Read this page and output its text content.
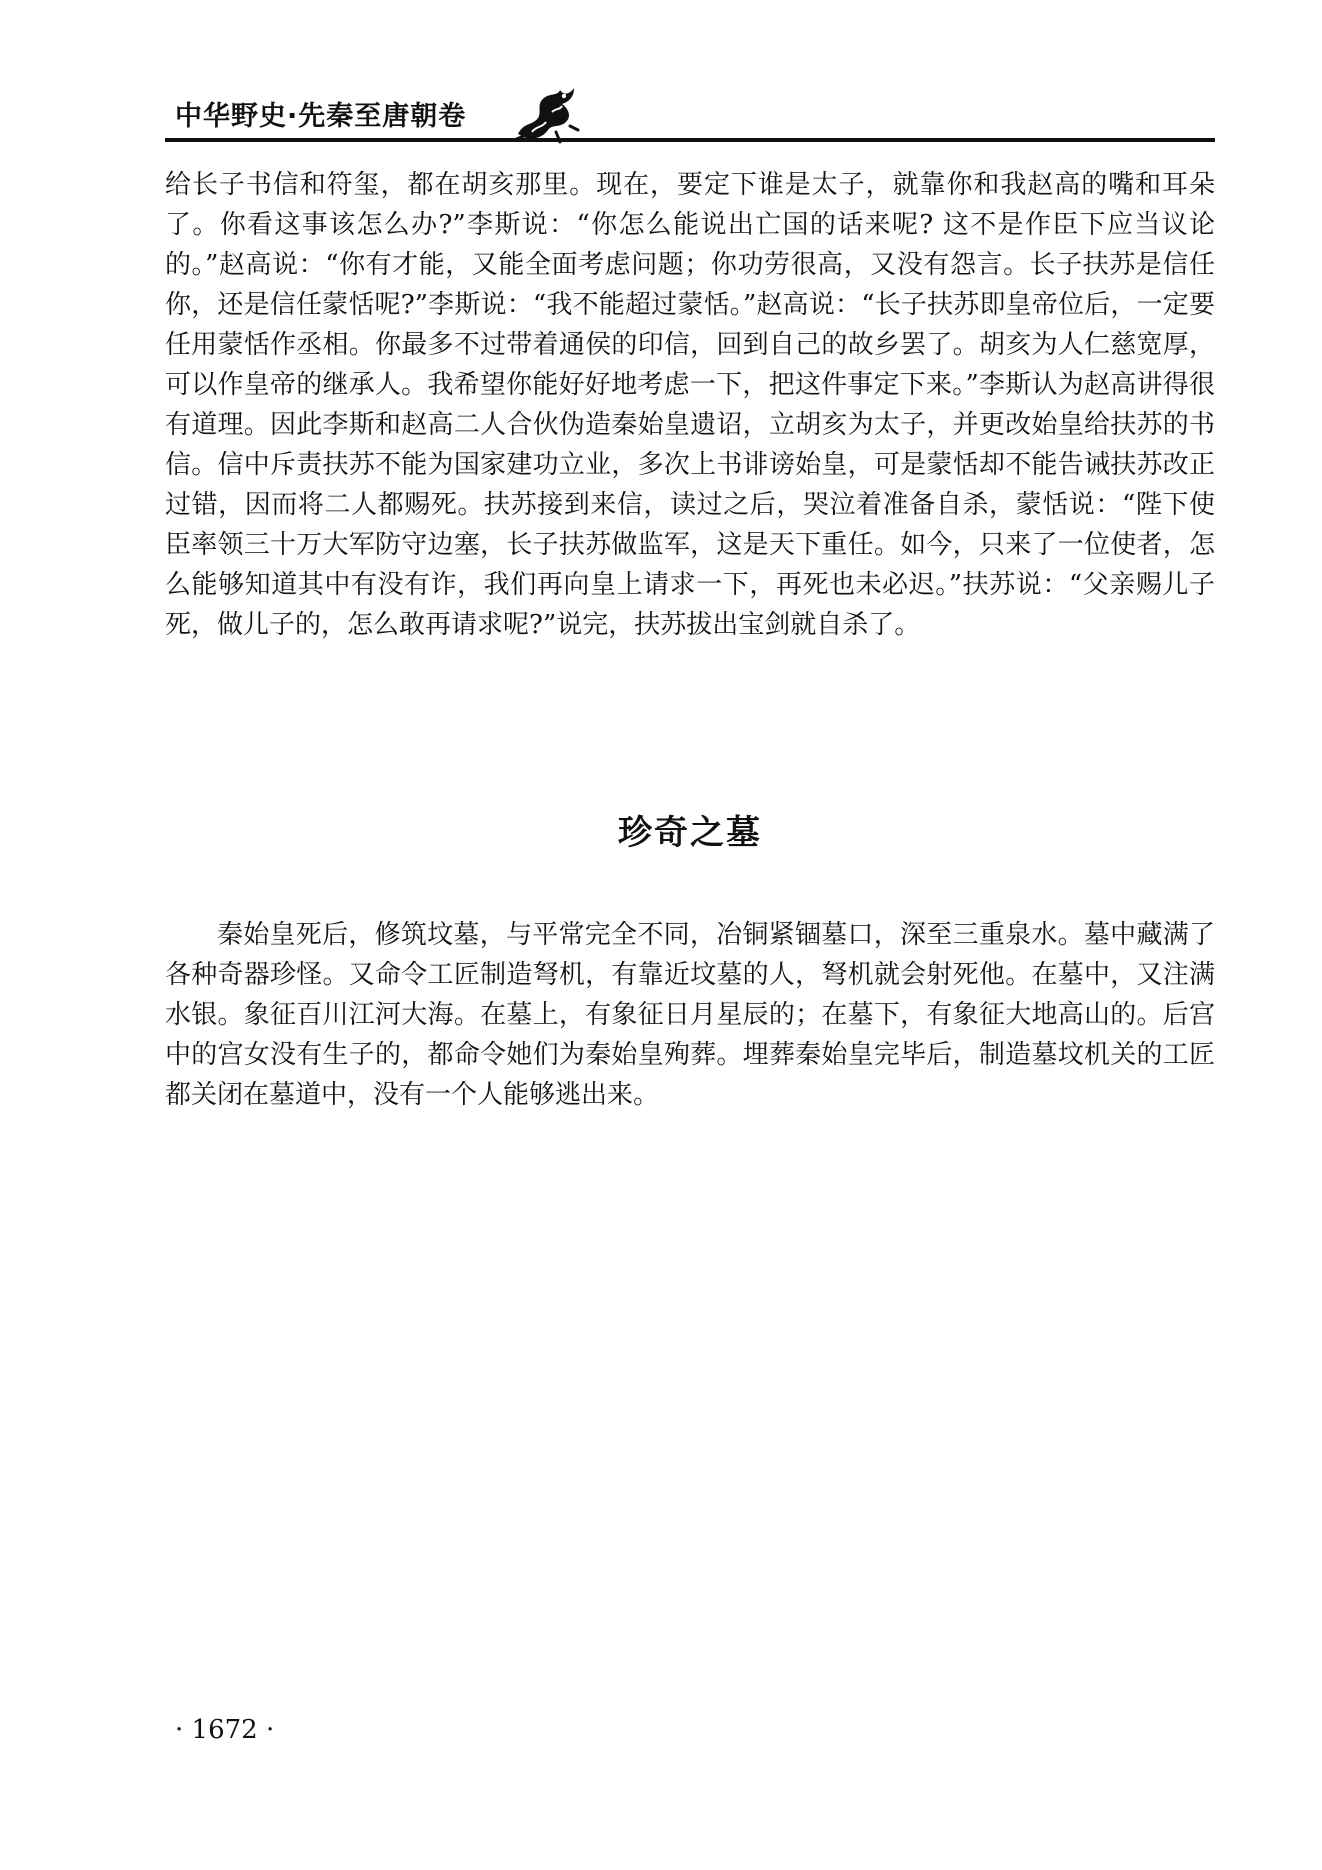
中华野史·先秦至唐朝卷

给长子书信和符玺，都在胡亥那里。现在，要定下谁是太子，就靠你和我赵高的嘴和耳朵了。你看这事该怎么办?”李斯说：“你怎么能说出亡国的话来呢? 这不是作臣下应当议论的。”赵高说：“你有才能，又能全面考虑问题；你功劳很高，又没有怨言。长子扶苏是信任你，还是信任蒙恬呢?”李斯说：“我不能超过蒙恬。”赵高说：“长子扶苏即皇帝位后，一定要任用蒙恬作丞相。你最多不过带着通侯的印信，回到自己的故乡罢了。胡亥为人仁慈宽厚，可以作皇帝的继承人。我希望你能好好地考虑一下，把这件事定下来。”李斯认为赵高讲得很有道理。因此李斯和赵高二人合伙伪造秦始皇遗诏，立胡亥为太子，并更改始皇给扶苏的书信。信中斥责扶苏不能为国家建功立业，多次上书诽谤始皇，可是蒙恬却不能告诫扶苏改正过错，因而将二人都赐死。扶苏接到来信，读过之后，哭泣着准备自杀，蒙恬说：“陛下使臣率领三十万大军防守边塞，长子扶苏做监军，这是天下重任。如今，只来了一位使者，怎么能够知道其中有没有诈，我们再向皇上请求一下，再死也未必迟。”扶苏说：“父亲赐儿子死，做儿子的，怎么敢再请求呢?”说完，扶苏拔出宝剑就自杀了。

珍奇之墓

秦始皇死后，修筑坟墓，与平常完全不同，冶铜紧锢墓口，深至三重泉水。墓中藏满了各种奇器珍怪。又命令工匠制造弩机，有靠近坟墓的人，弩机就会射死他。在墓中，又注满水银。象征百川江河大海。在墓上，有象征日月星辰的；在墓下，有象征大地高山的。后宫中的宫女没有生子的，都命令她们为秦始皇殉葬。埋葬秦始皇完毕后，制造墓坟机关的工匠都关闭在墓道中，没有一个人能够逃出来。

· 1672 ·
